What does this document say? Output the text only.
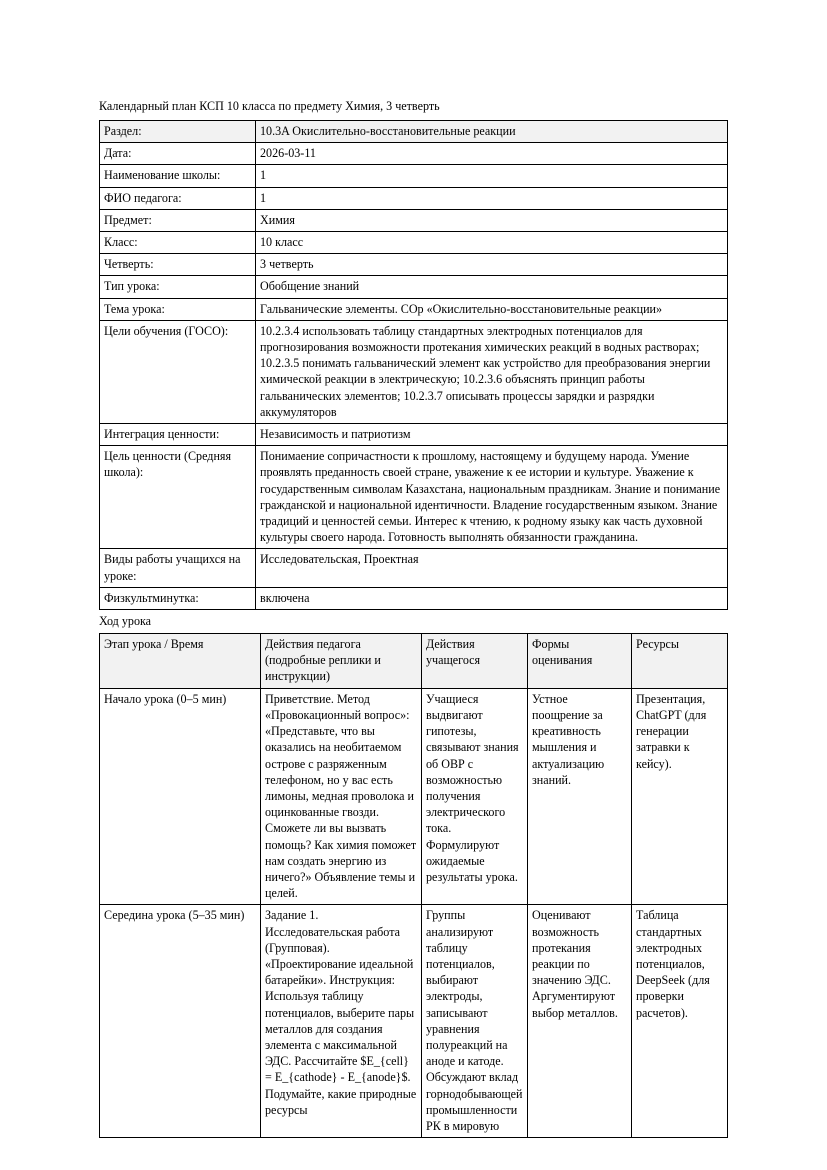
Календарный план КСП 10 класса по предмету Химия, 3 четверть

Раздел:	10.3A Окислительно-восстановительные реакции
Дата:	2026-03-11
Наименование школы:	1
ФИО педагога:	1
Предмет:	Химия
Класс:	10 класс
Четверть:	3 четверть
Тип урока:	Обобщение знаний
Тема урока:	Гальванические элементы. СОр «Окислительно-восстановительные реакции»
Цели обучения (ГОСО):	10.2.3.4 использовать таблицу стандартных электродных потенциалов для прогнозирования возможности протекания химических реакций в водных растворах; 10.2.3.5 понимать гальванический элемент как устройство для преобразования энергии химической реакции в электрическую; 10.2.3.6 объяснять принцип работы гальванических элементов; 10.2.3.7 описывать процессы зарядки и разрядки аккумуляторов
Интеграция ценности:	Независимость и патриотизм
Цель ценности (Средняя школа):	Понимаение сопричастности к прошлому, настоящему и будущему народа. Умение проявлять преданность своей стране, уважение к ее истории и культуре. Уважение к государственным символам Казахстана, национальным праздникам. Знание и понимание гражданской и национальной идентичности. Владение государственным языком. Знание традиций и ценностей семьи. Интерес к чтению, к родному языку как часть духовной культуры своего народа. Готовность выполнять обязанности гражданина.
Виды работы учащихся на уроке:	Исследовательская, Проектная
Физкультминутка:	включена

Ход урока

Этап урока / Время	Действия педагога (подробные реплики и инструкции)	Действия учащегося	Формы оценивания	Ресурсы
Начало урока (0–5 мин)	Приветствие. Метод «Провокационный вопрос»: «Представьте, что вы оказались на необитаемом острове с разряженным телефоном, но у вас есть лимоны, медная проволока и оцинкованные гвозди. Сможете ли вы вызвать помощь? Как химия поможет нам создать энергию из ничего?» Объявление темы и целей.	Учащиеся выдвигают гипотезы, связывают знания об ОВР с возможностью получения электрического тока. Формулируют ожидаемые результаты урока.	Устное поощрение за креативность мышления и актуализацию знаний.	Презентация, ChatGPT (для генерации затравки к кейсу).
Середина урока (5–35 мин)	Задание 1. Исследовательская работа (Групповая). «Проектирование идеальной батарейки». Инструкция: Используя таблицу потенциалов, выберите пары металлов для создания элемента с максимальной ЭДС. Рассчитайте $E_{cell} = E_{cathode} - E_{anode}$. Подумайте, какие природные ресурсы	Группы анализируют таблицу потенциалов, выбирают электроды, записывают уравнения полуреакций на аноде и катоде. Обсуждают вклад горнодобывающей промышленности РК в мировую	Оценивают возможность протекания реакции по значению ЭДС. Аргументируют выбор металлов.	Таблица стандартных электродных потенциалов, DeepSeek (для проверки расчетов).
